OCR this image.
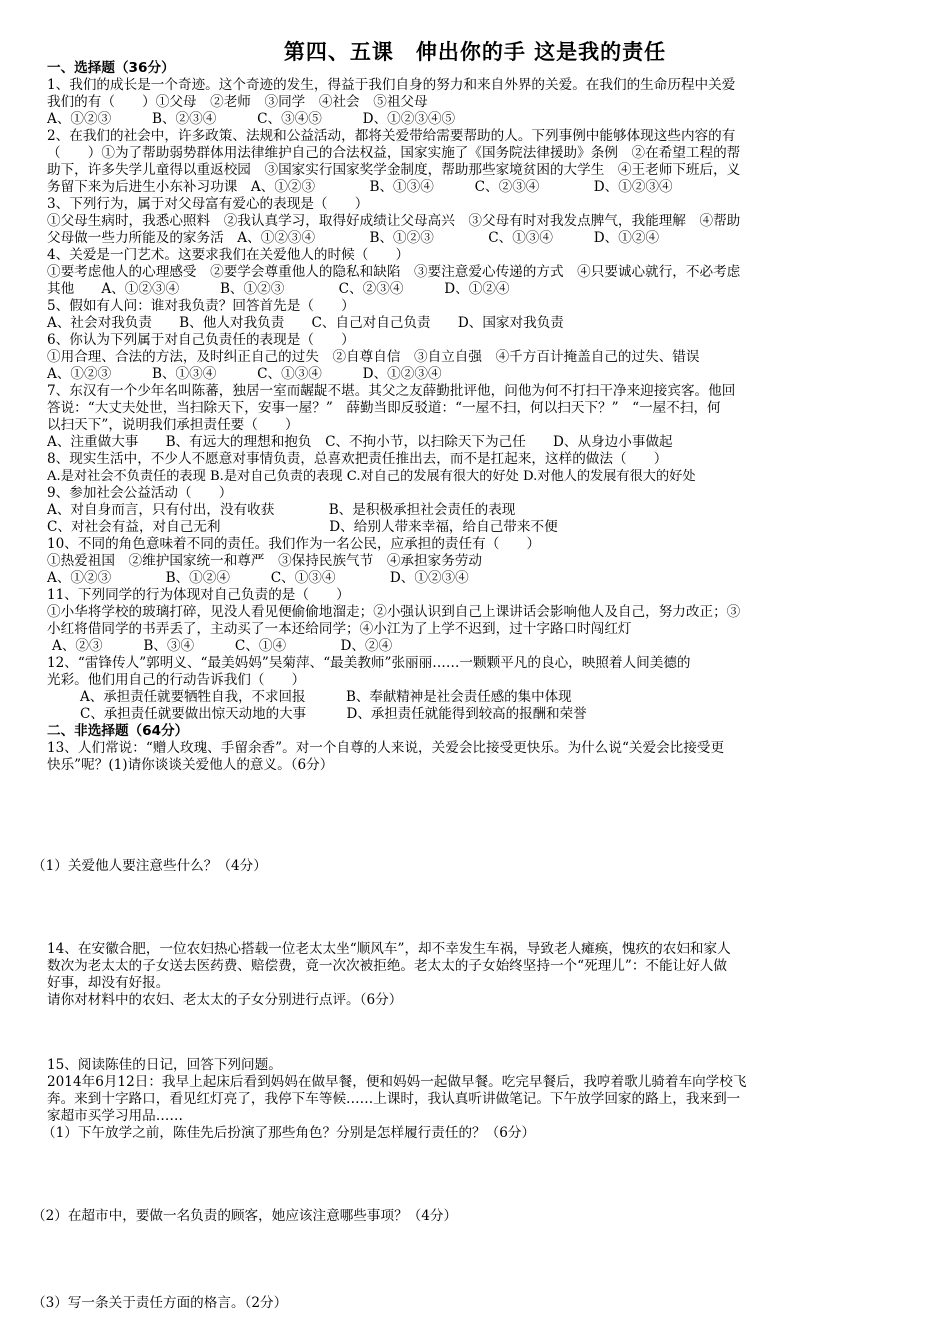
第四、五课　伸出你的手 这是我的责任
一、选择题（36分）
1、我们的成长是一个奇迹。这个奇迹的发生，得益于我们自身的努力和来自外界的关爱。在我们的生命历程中关爱
我们的有（　　）①父母　②老师　③同学　④社会　⑤祖父母
A、①②③　　　B、②③④　　　C、③④⑤　　　D、①②③④⑤
2、在我们的社会中，许多政策、法规和公益活动，都将关爱带给需要帮助的人。下列事例中能够体现这些内容的有
（　　）①为了帮助弱势群体用法律维护自己的合法权益，国家实施了《国务院法律援助》条例　②在希望工程的帮
助下，许多失学儿童得以重返校园　③国家实行国家奖学金制度，帮助那些家境贫困的大学生　④王老师下班后，义
务留下来为后进生小东补习功课　A、①②③　　　　B、①③④　　　C、②③④　　　　D、①②③④
3、下列行为，属于对父母富有爱心的表现是（　　）
①父母生病时，我悉心照料　②我认真学习，取得好成绩让父母高兴　③父母有时对我发点脾气，我能理解　④帮助
父母做一些力所能及的家务活　A、①②③④　　　　B、①②③　　　　C、①③④　　　D、①②④
4、关爱是一门艺术。这要求我们在关爱他人的时候（　　）
①要考虑他人的心理感受　②要学会尊重他人的隐私和缺陷　③要注意爱心传递的方式　④只要诚心就行，不必考虑
其他　　A、①②③④　　　B、①②③　　　　C、②③④　　　D、①②④
5、假如有人问：谁对我负责？回答首先是（　　）
A、社会对我负责　　B、他人对我负责　　C、自己对自己负责　　D、国家对我负责
6、你认为下列属于对自己负责任的表现是（　　）
①用合理、合法的方法，及时纠正自己的过失　②自尊自信　③自立自强　④千方百计掩盖自己的过失、错误
A、①②③　　　B、①③④　　　C、①③④　　　D、①②③④
7、东汉有一个少年名叫陈蕃，独居一室而龌龊不堪。其父之友薛勤批评他，问他为何不打扫干净来迎接宾客。他回
答说：“大丈夫处世，当扫除天下，安事一屋？”　薛勤当即反驳道：“一屋不扫，何以扫天下？”　“一屋不扫，何
以扫天下”，说明我们承担责任要（　　）
A、注重做大事　　B、有远大的理想和抱负　C、不拘小节，以扫除天下为己任　　D、从身边小事做起
8、现实生活中，不少人不愿意对事情负责，总喜欢把责任推出去，而不是扛起来，这样的做法（　　）
A.是对社会不负责任的表现 B.是对自己负责的表现 C.对自己的发展有很大的好处 D.对他人的发展有很大的好处
9、参加社会公益活动（　　）
A、对自身而言，只有付出，没有收获　　　　B、是积极承担社会责任的表现
C、对社会有益，对自己无利　　　　　　　　D、给别人带来幸福，给自己带来不便
10、不同的角色意味着不同的责任。我们作为一名公民，应承担的责任有（　　）
①热爱祖国　②维护国家统一和尊严　③保持民族气节　④承担家务劳动
A、①②③　　　　B、①②④　　　C、①③④　　　　D、①②③④
11、下列同学的行为体现对自己负责的是（　　）
①小华将学校的玻璃打碎，见没人看见便偷偷地溜走；②小强认识到自己上课讲话会影响他人及自己，努力改正；③
小红将借同学的书弄丢了，主动买了一本还给同学；④小江为了上学不迟到，过十字路口时闯红灯
A、②③　　　B、③④　　　C、①④　　　　D、②④
12、“雷锋传人”郭明义、“最美妈妈”吴菊萍、“最美教师”张丽丽……一颗颗平凡的良心，映照着人间美德的
光彩。他们用自己的行动告诉我们（　　）
A、承担责任就要牺牲自我，不求回报　　　B、奉献精神是社会责任感的集中体现
C、承担责任就要做出惊天动地的大事　　　D、承担责任就能得到较高的报酬和荣誉
二、非选择题（64分）
13、人们常说：“赠人玫瑰、手留余香”。对一个自尊的人来说，关爱会比接受更快乐。为什么说“关爱会比接受更
快乐”呢？(1)请你谈谈关爱他人的意义。（6分）
（1）关爱他人要注意些什么？（4分）
14、在安徽合肥，一位农妇热心搭载一位老太太坐“顺风车”，却不幸发生车祸，导致老人瘫痪，愧疚的农妇和家人
数次为老太太的子女送去医药费、赔偿费，竟一次次被拒绝。老太太的子女始终坚持一个“死理儿”：不能让好人做
好事，却没有好报。
请你对材料中的农妇、老太太的子女分别进行点评。（6分）
15、阅读陈佳的日记，回答下列问题。
2014年6月12日：我早上起床后看到妈妈在做早餐，便和妈妈一起做早餐。吃完早餐后，我哼着歌儿骑着车向学校飞
奔。来到十字路口，看见红灯亮了，我停下车等候……上课时，我认真听讲做笔记。下午放学回家的路上，我来到一
家超市买学习用品……
（1）下午放学之前，陈佳先后扮演了那些角色？分别是怎样履行责任的？（6分）
（2）在超市中，要做一名负责的顾客，她应该注意哪些事项？（4分）
（3）写一条关于责任方面的格言。（2分）
